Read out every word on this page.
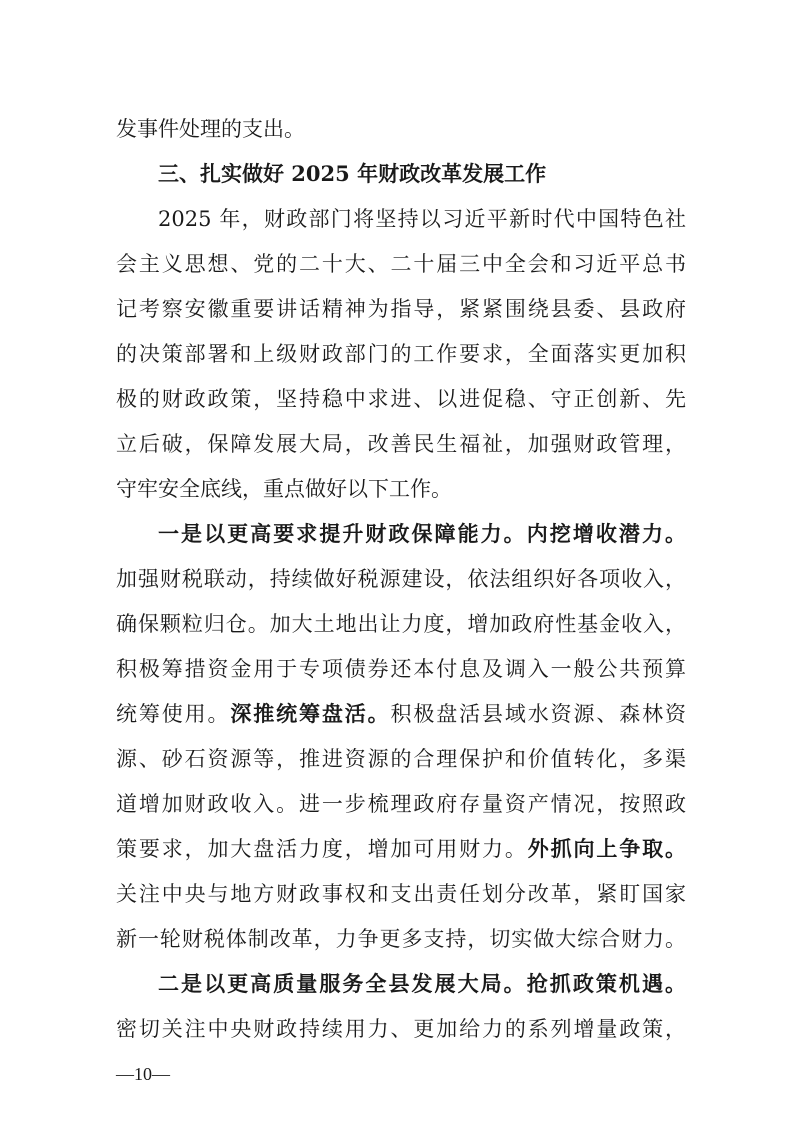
发事件处理的支出。
三、扎实做好 2025 年财政改革发展工作
2025 年，财政部门将坚持以习近平新时代中国特色社
会主义思想、党的二十大、二十届三中全会和习近平总书
记考察安徽重要讲话精神为指导，紧紧围绕县委、县政府
的决策部署和上级财政部门的工作要求，全面落实更加积
极的财政政策，坚持稳中求进、以进促稳、守正创新、先
立后破，保障发展大局，改善民生福祉，加强财政管理，
守牢安全底线，重点做好以下工作。
一是以更高要求提升财政保障能力。内挖增收潜力。
加强财税联动，持续做好税源建设，依法组织好各项收入，
确保颗粒归仓。加大土地出让力度，增加政府性基金收入，
积极筹措资金用于专项债券还本付息及调入一般公共预算
统筹使用。深推统筹盘活。积极盘活县域水资源、森林资
源、砂石资源等，推进资源的合理保护和价值转化，多渠
道增加财政收入。进一步梳理政府存量资产情况，按照政
策要求，加大盘活力度，增加可用财力。外抓向上争取。
关注中央与地方财政事权和支出责任划分改革，紧盯国家
新一轮财税体制改革，力争更多支持，切实做大综合财力。
二是以更高质量服务全县发展大局。抢抓政策机遇。
密切关注中央财政持续用力、更加给力的系列增量政策，
—10—
